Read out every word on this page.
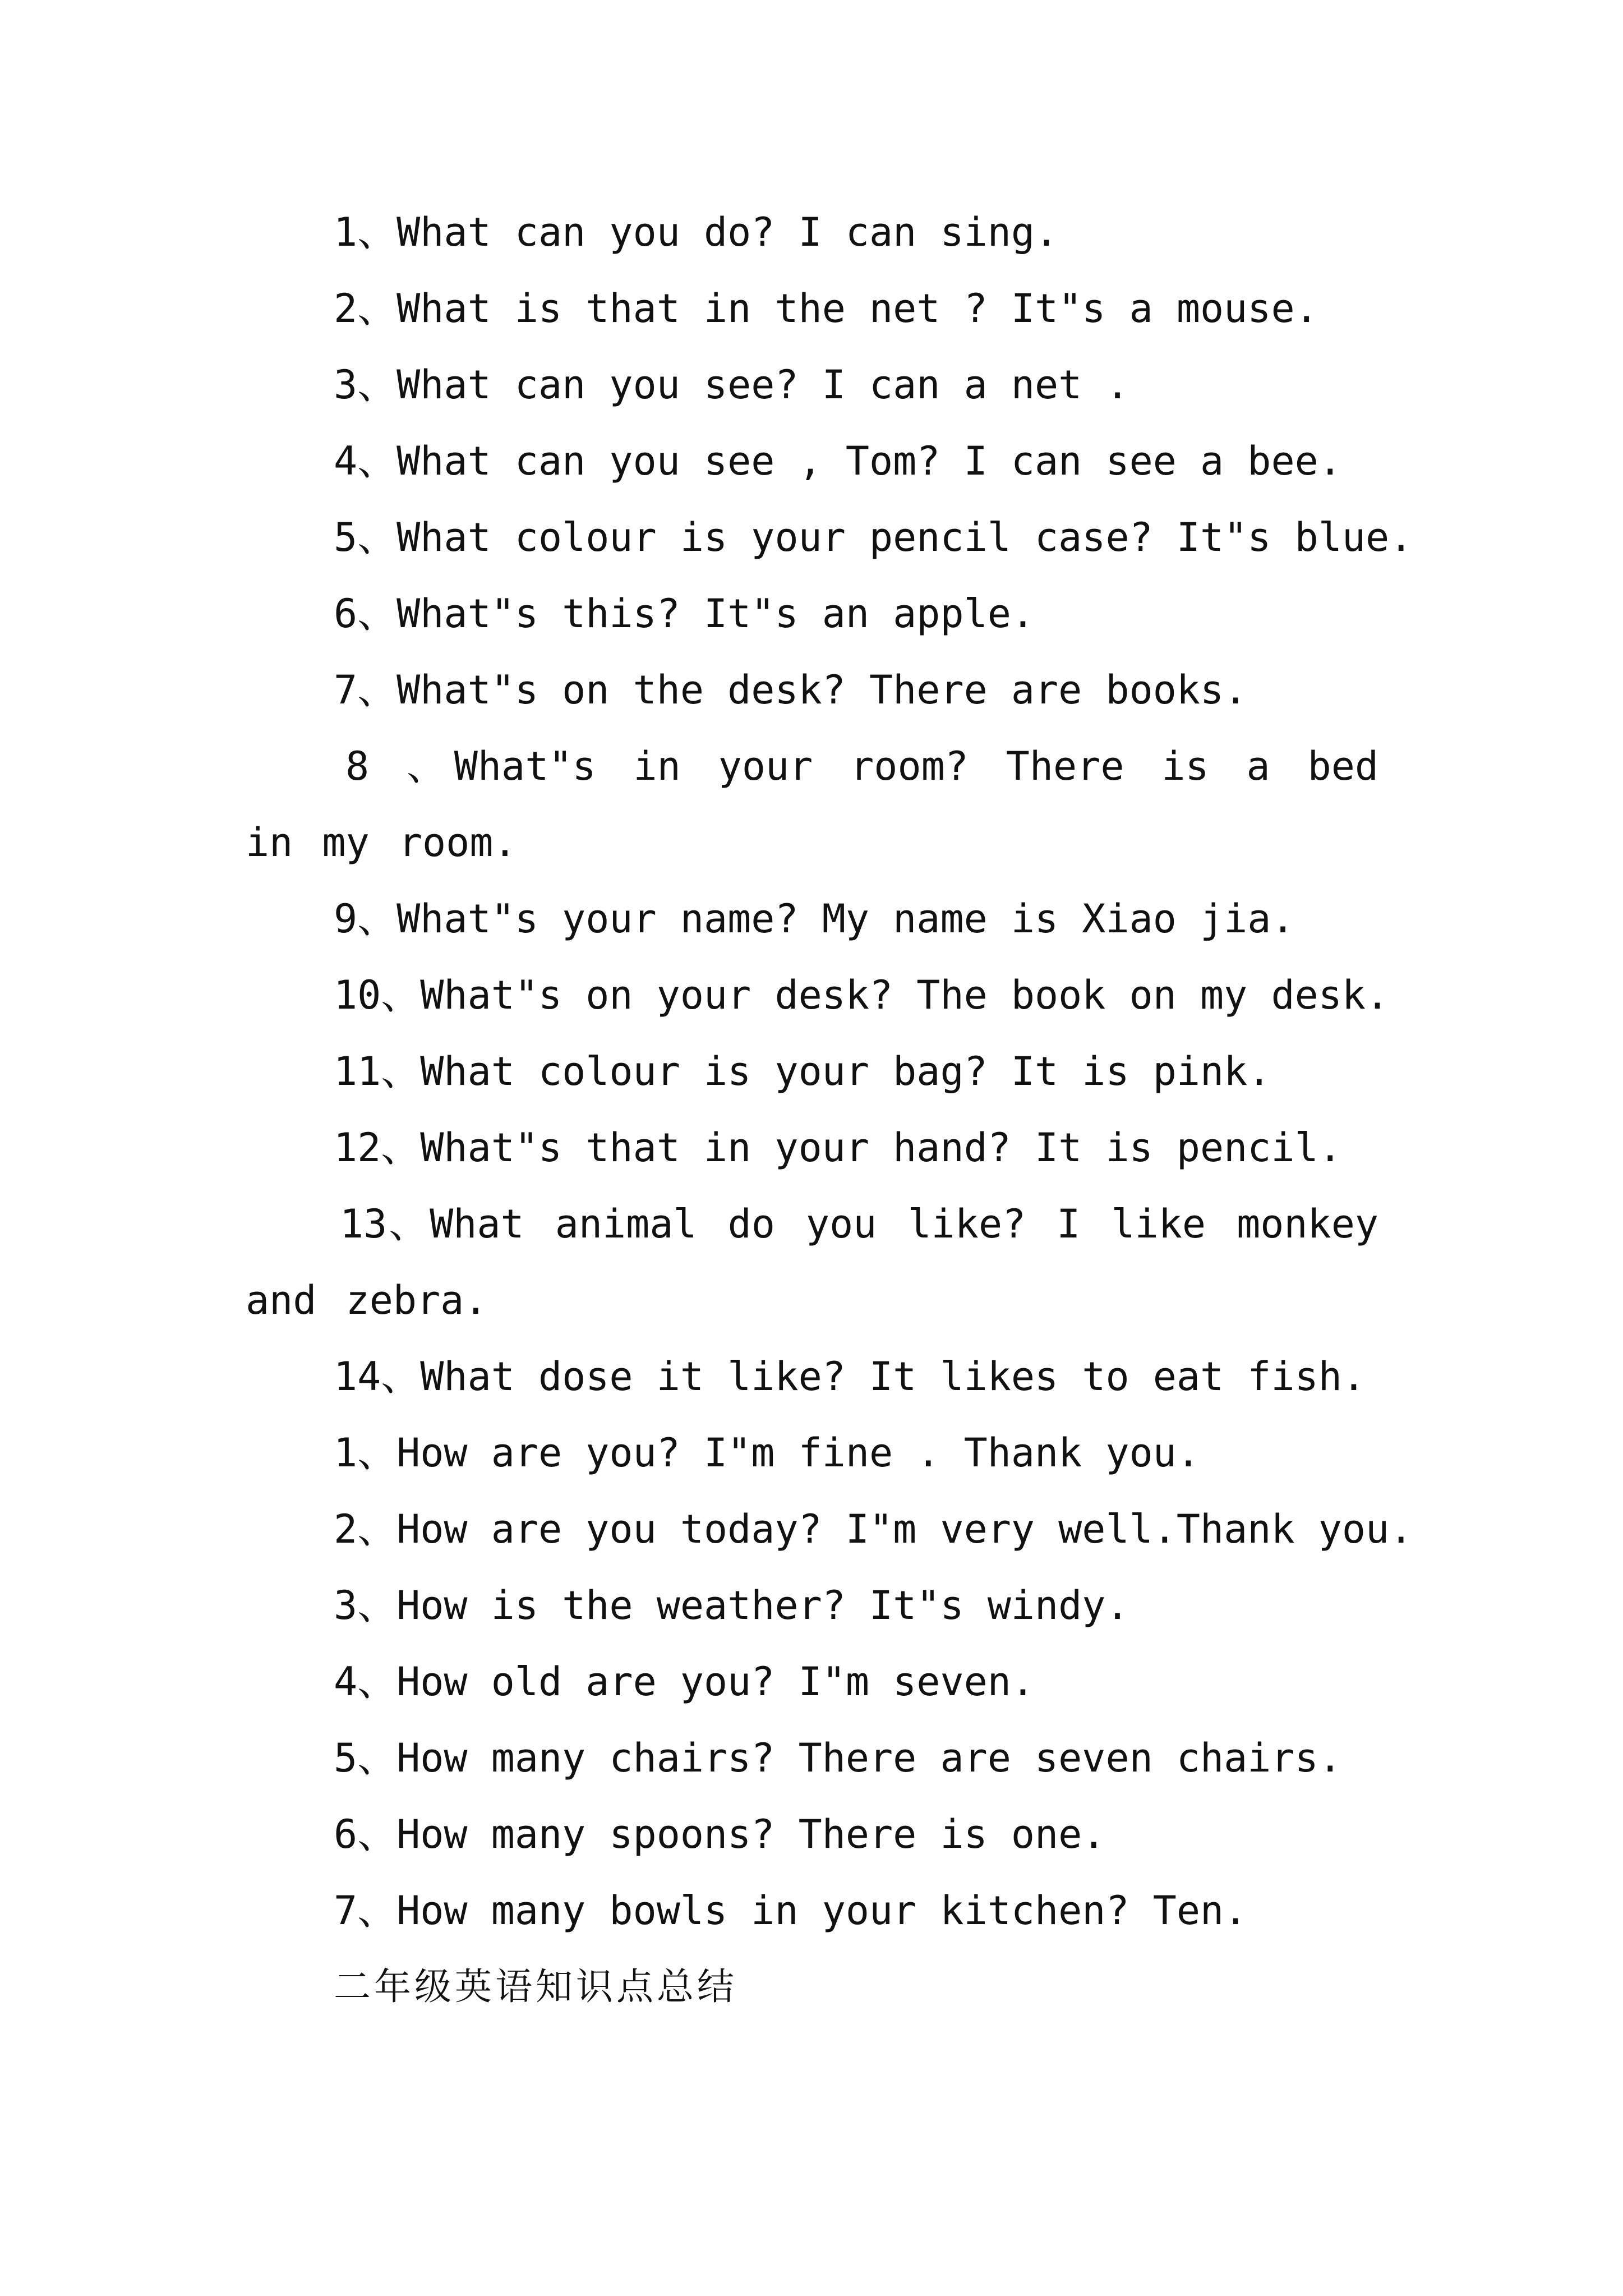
1、What can you do? I can sing.

2、What is that in the net ? It"s a mouse.

3、What can you see? I can a net .

4、What can you see , Tom? I can see a bee.

5、What colour is your pencil case? It"s blue.

6、What"s this? It"s an apple.

7、What"s on the desk? There are books.

8 、What"s in your room? There is a bed in my room.

9、What"s your name? My name is Xiao jia.

10、What"s on your desk? The book on my desk.

11、What colour is your bag? It is pink.

12、What"s that in your hand? It is pencil.

13、What animal do you like? I like monkey and zebra.

14、What dose it like? It likes to eat fish.

1、How are you? I"m fine . Thank you.

2、How are you today? I"m very well.Thank you.

3、How is the weather? It"s windy.

4、How old are you? I"m seven.

5、How many chairs? There are seven chairs.

6、How many spoons? There is one.

7、How many bowls in your kitchen? Ten.

二年级英语知识点总结
